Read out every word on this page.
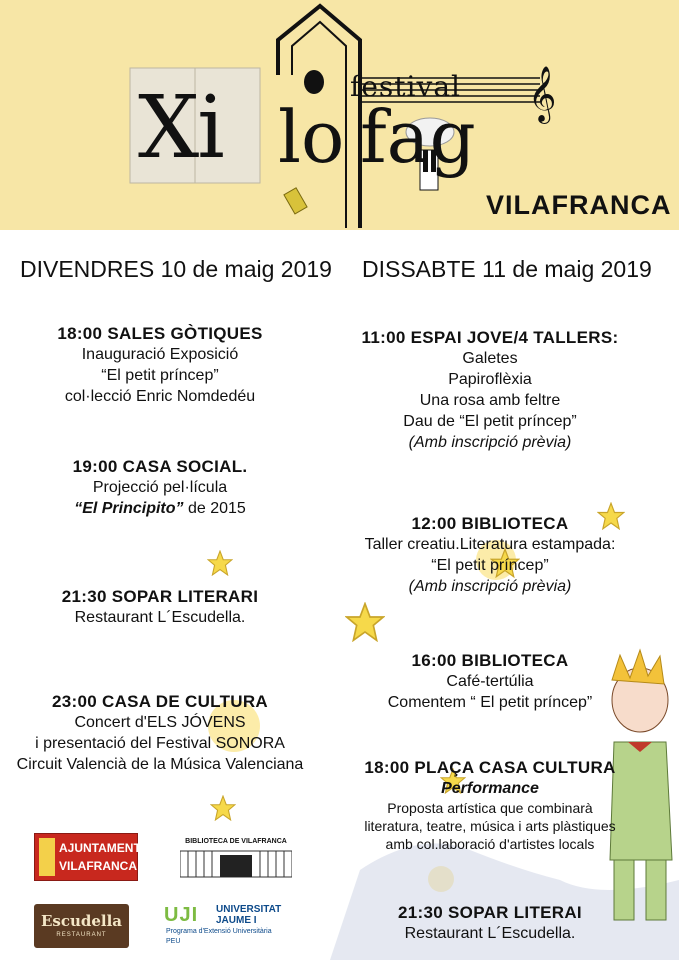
𝄞
festival
Xi lo fag
VILAFRANCA
DIVENDRES 10 de maig 2019
18:00 SALES GÒTIQUES
Inauguració Exposició
“El petit príncep”
col·lecció Enric Nomdedéu
19:00 CASA SOCIAL.
Projecció pel·lícula
“El Principito” de 2015
21:30 SOPAR LITERARI
Restaurant L´Escudella.
23:00 CASA DE CULTURA
Concert d'ELS JÓVENS
i presentació del Festival SONORA
Circuit Valencià de la Música Valenciana
DISSABTE 11 de maig 2019
11:00 ESPAI JOVE/4 TALLERS:
Galetes
Papiroflèxia
Una rosa amb feltre
Dau de “El petit príncep”
(Amb inscripció prèvia)
12:00 BIBLIOTECA
Taller creatiu.Literatura estampada:
“El petit príncep”
(Amb inscripció prèvia)
16:00 BIBLIOTECA
Café-tertúlia
Comentem “ El petit príncep”
18:00 PLAÇA CASA CULTURA
Performance
Proposta artística que combinarà
literatura, teatre, música i arts plàstiques
amb col.laboració d'artistes locals
21:30 SOPAR LITERAI
Restaurant L´Escudella.
AJUNTAMENT
VILAFRANCA
BIBLIOTECA DE VILAFRANCA
Escudella
RESTAURANT
UJI UNIVERSITAT
JAUME I
Programa d'Extensió Universitària
PEU
